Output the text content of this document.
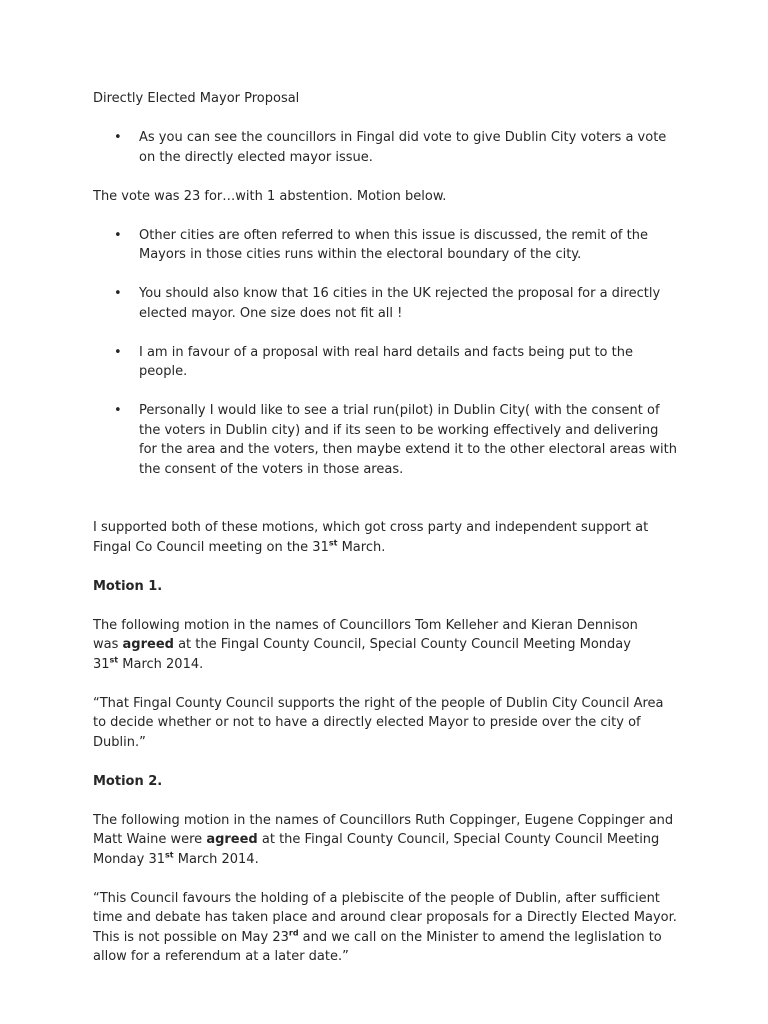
Directly Elected Mayor Proposal

• As you can see the councillors in Fingal did vote to give Dublin City voters a vote on the directly elected mayor issue.

The vote was 23 for…with 1 abstention. Motion below.

• Other cities are often referred to when this issue is discussed, the remit of the Mayors in those cities runs within the electoral boundary of the city.
• You should also know that 16 cities in the UK rejected the proposal for a directly elected mayor. One size does not fit all !
• I am in favour of a proposal with real hard details and facts being put to the people.
• Personally I would like to see a trial run(pilot) in Dublin City( with the consent of the voters in Dublin city) and if its seen to be working effectively and delivering for the area and the voters, then maybe extend it to the other electoral areas with the consent of the voters in those areas.

I supported both of these motions, which got cross party and independent support at Fingal Co Council meeting on the 31st March.

Motion 1.

The following motion in the names of Councillors Tom Kelleher and Kieran Dennison
was agreed at the Fingal County Council, Special County Council Meeting Monday
31st March 2014.

“That Fingal County Council supports the right of the people of Dublin City Council Area to decide whether or not to have a directly elected Mayor to preside over the city of Dublin.”

Motion 2.

The following motion in the names of Councillors Ruth Coppinger, Eugene Coppinger and Matt Waine were agreed at the Fingal County Council, Special County Council Meeting Monday 31st March 2014.

“This Council favours the holding of a plebiscite of the people of Dublin, after sufficient time and debate has taken place and around clear proposals for a Directly Elected Mayor. This is not possible on May 23rd and we call on the Minister to amend the leglislation to allow for a referendum at a later date.”
